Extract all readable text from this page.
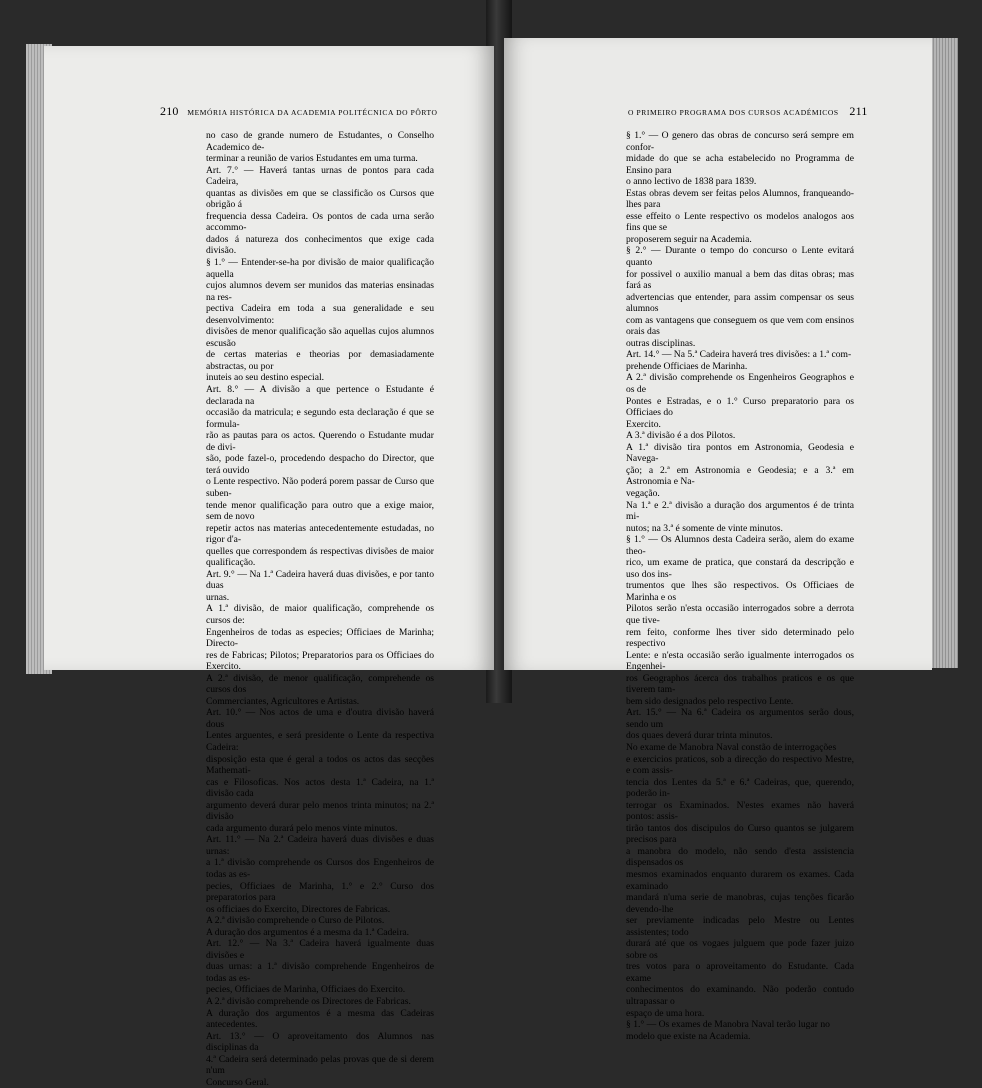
210 MEMÓRIA HISTÓRICA DA ACADEMIA POLITÉCNICA DO PÔRTO	O PRIMEIRO PROGRAMA DOS CURSOS ACADÉMICOS 211

no caso de grande numero de Estudantes, o Conselho Academico de-

terminar a reunião de varios Estudantes em uma turma.

Art. 7.° — Haverá tantas urnas de pontos para cada Cadeira,

quantas as divisões em que se classificão os Cursos que obrigão á

frequencia dessa Cadeira. Os pontos de cada urna serão accommo-

dados á natureza dos conhecimentos que exige cada divisão.

§ 1.° — Entender-se-ha por divisão de maior qualificação aquella

cujos alumnos devem ser munidos das materias ensinadas na res-

pectiva Cadeira em toda a sua generalidade e seu desenvolvimento:

divisões de menor qualificação são aquellas cujos alumnos escusão

de certas materias e theorias por demasiadamente abstractas, ou por

inuteis ao seu destino especial.

Art. 8.° — A divisão a que pertence o Estudante é declarada na

occasião da matricula; e segundo esta declaração é que se formula-

rão as pautas para os actos. Querendo o Estudante mudar de divi-

são, pode fazel-o, procedendo despacho do Director, que terá ouvido

o Lente respectivo. Não poderá porem passar de Curso que suben-

tende menor qualificação para outro que a exige maior, sem de novo

repetir actos nas materias antecedentemente estudadas, no rigor d'a-

quelles que correspondem ás respectivas divisões de maior qualificação.

Art. 9.° — Na 1.ª Cadeira haverá duas divisões, e por tanto duas

urnas.

A 1.ª divisão, de maior qualificação, comprehende os cursos de:

Engenheiros de todas as especies; Officiaes de Marinha; Directo-

res de Fabricas; Pilotos; Preparatorios para os Officiaes do Exercito.

A 2.ª divisão, de menor qualificação, comprehende os cursos dos

Commerciantes, Agricultores e Artistas.

Art. 10.° — Nos actos de uma e d'outra divisão haverá dous

Lentes arguentes, e será presidente o Lente da respectiva Cadeira:

disposição esta que é geral a todos os actos das secções Mathemati-

cas e Filosoficas. Nos actos desta 1.ª Cadeira, na 1.ª divisão cada

argumento deverá durar pelo menos trinta minutos; na 2.ª divisão

cada argumento durará pelo menos vinte minutos.

Art. 11.° — Na 2.ª Cadeira haverá duas divisões e duas urnas:

a 1.ª divisão comprehende os Cursos dos Engenheiros de todas as es-

pecies, Officiaes de Marinha, 1.° e 2.° Curso dos preparatorios para

os officiaes do Exercito, Directores de Fabricas.

A 2.ª divisão comprehende o Curso de Pilotos.

A duração dos argumentos é a mesma da 1.ª Cadeira.

Art. 12.° — Na 3.ª Cadeira haverá igualmente duas divisões e

duas urnas: a 1.ª divisão comprehende Engenheiros de todas as es-

pecies, Officiaes de Marinha, Officiaes do Exercito.

A 2.ª divisão comprehende os Directores de Fabricas.

A duração dos argumentos é a mesma das Cadeiras antecedentes.

Art. 13.° — O aproveitamento dos Alumnos nas disciplinas da

4.ª Cadeira será determinado pelas provas que de si derem n'um

Concurso Geral.

§ 1.° — O genero das obras de concurso será sempre em confor-

midade do que se acha estabelecido no Programma de Ensino para

o anno lectivo de 1838 para 1839.

Estas obras devem ser feitas pelos Alumnos, franqueando-lhes para

esse effeito o Lente respectivo os modelos analogos aos fins que se

proposerem seguir na Academia.

§ 2.° — Durante o tempo do concurso o Lente evitará quanto

for possivel o auxilio manual a bem das ditas obras; mas fará as

advertencias que entender, para assim compensar os seus alumnos

com as vantagens que conseguem os que vem com ensinos orais das

outras disciplinas.

Art. 14.° — Na 5.ª Cadeira haverá tres divisões: a 1.ª com-

prehende Officiaes de Marinha.

A 2.ª divisão comprehende os Engenheiros Geographos e os de

Pontes e Estradas, e o 1.° Curso preparatorio para os Officiaes do

Exercito.

A 3.ª divisão é a dos Pilotos.

A 1.ª divisão tira pontos em Astronomia, Geodesia e Navega-

ção; a 2.ª em Astronomia e Geodesia; e a 3.ª em Astronomia e Na-

vegação.

Na 1.ª e 2.ª divisão a duração dos argumentos é de trinta mi-

nutos; na 3.ª é somente de vinte minutos.

§ 1.° — Os Alumnos desta Cadeira serão, alem do exame theo-

rico, um exame de pratica, que constará da descripção e uso dos ins-

trumentos que lhes são respectivos. Os Officiaes de Marinha e os

Pilotos serão n'esta occasião interrogados sobre a derrota que tive-

rem feito, conforme lhes tiver sido determinado pelo respectivo

Lente: e n'esta occasião serão igualmente interrogados os Engenhei-

ros Geographos ácerca dos trabalhos praticos e os que tiverem tam-

bem sido designados pelo respectivo Lente.

Art. 15.° — Na 6.ª Cadeira os argumentos serão dous, sendo um

dos quaes deverá durar trinta minutos.

No exame de Manobra Naval constão de interrogações

e exercicios praticos, sob a direcção do respectivo Mestre, e com assis-

tencia dos Lentes da 5.ª e 6.ª Cadeiras, que, querendo, poderão in-

terrogar os Examinados. N'estes exames não haverá pontos: assis-

tirão tantos dos discipulos do Curso quantos se julgarem precisos para

a manobra do modelo, não sendo d'esta assistencia dispensados os

mesmos examinados enquanto durarem os exames. Cada examinado

mandará n'uma serie de manobras, cujas tenções ficarão devendo-lhe

ser previamente indicadas pelo Mestre ou Lentes assistentes; todo

durará até que os vogaes julguem que pode fazer juizo sobre os

tres votos para o aproveitamento do Estudante. Cada exame

conhecimentos do examinando. Não poderão contudo ultrapassar o

espaço de uma hora.

§ 1.° — Os exames de Manobra Naval terão lugar no

modelo que existe na Academia.
